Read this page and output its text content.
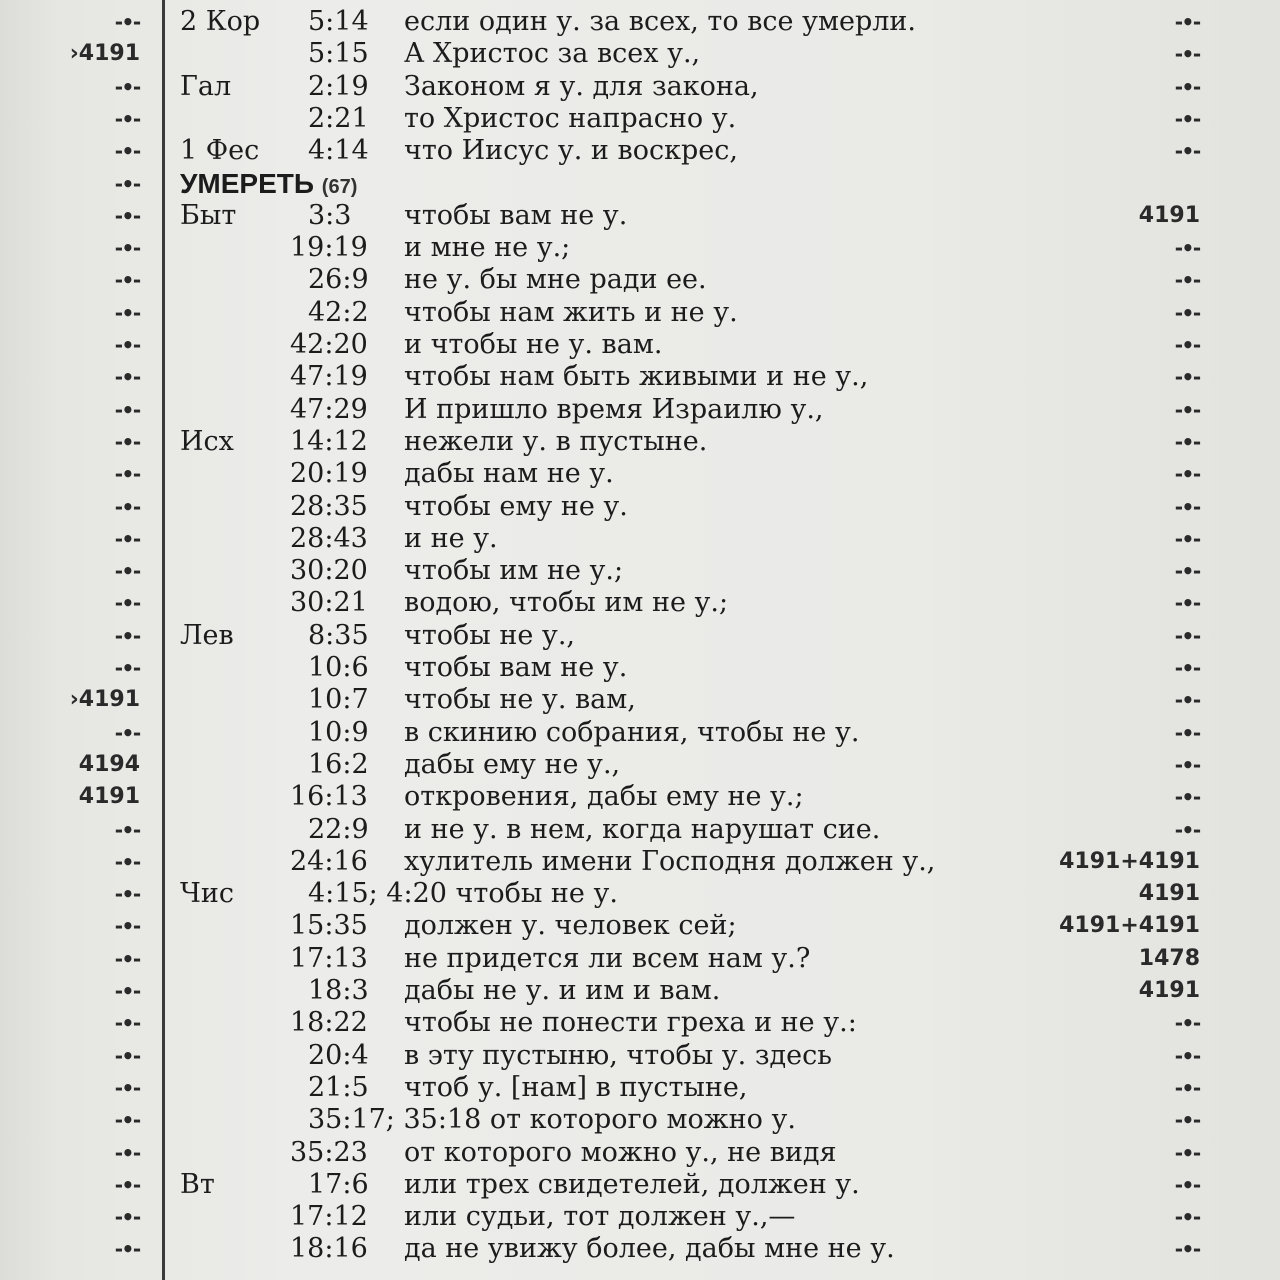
-•- 2 Кор 5:14 если один у. за всех, то все умерли.	-•-
›4191	5:15 А Христос за всех у.,	-•-
-•- Гал	2:19 Законом я у. для закона,	-•-
-•-	2:21 то Христос напрасно у.	-•-
-•- 1 Фес 4:14 что Иисус у. и воскрес,	-•-
-•- УМЕРЕТЬ (67)
-•- Быт	3:3 чтобы вам не у.	4191
-•-	19:19 и мне не у.;	-•-
-•-	26:9 не у. бы мне ради ее.	-•-
-•-	42:2 чтобы нам жить и не у.	-•-
-•-	42:20 и чтобы не у. вам.	-•-
-•-	47:19 чтобы нам быть живыми и не у.,	-•-
-•-	47:29 И пришло время Израилю у.,	-•-
-•- Исх 14:12 нежели у. в пустыне.	-•-
-•-	20:19 дабы нам не у.	-•-
-•-	28:35 чтобы ему не у.	-•-
-•-	28:43 и не у.	-•-
-•-	30:20 чтобы им не у.;	-•-
-•-	30:21 водою, чтобы им не у.;	-•-
-•- Лев	8:35 чтобы не у.,	-•-
-•-	10:6 чтобы вам не у.	-•-
›4191	10:7 чтобы не у. вам,	-•-
-•-	10:9 в скинию собрания, чтобы не у.	-•-
4194	16:2 дабы ему не у.,	-•-
4191	16:13 откровения, дабы ему не у.;	-•-
-•-	22:9 и не у. в нем, когда нарушат сие.	-•-
-•-	24:16 хулитель имени Господня должен у.,	4191+4191
-•- Чис	4:15; 4:20 чтобы не у.	4191
-•-	15:35 должен у. человек сей;	4191+4191
-•-	17:13 не придется ли всем нам у.?	1478
-•-	18:3 дабы не у. и им и вам.	4191
-•-	18:22 чтобы не понести греха и не у.:	-•-
-•-	20:4 в эту пустыню, чтобы у. здесь	-•-
-•-	21:5 чтоб у. [нам] в пустыне,	-•-
-•-	35:17; 35:18 от которого можно у.	-•-
-•-	35:23 от которого можно у., не видя	-•-
-•- Вт	17:6 или трех свидетелей, должен у.	-•-
-•-	17:12 или судьи, тот должен у.,—	-•-
-•-	18:16 да не увижу более, дабы мне не у.	-•-
